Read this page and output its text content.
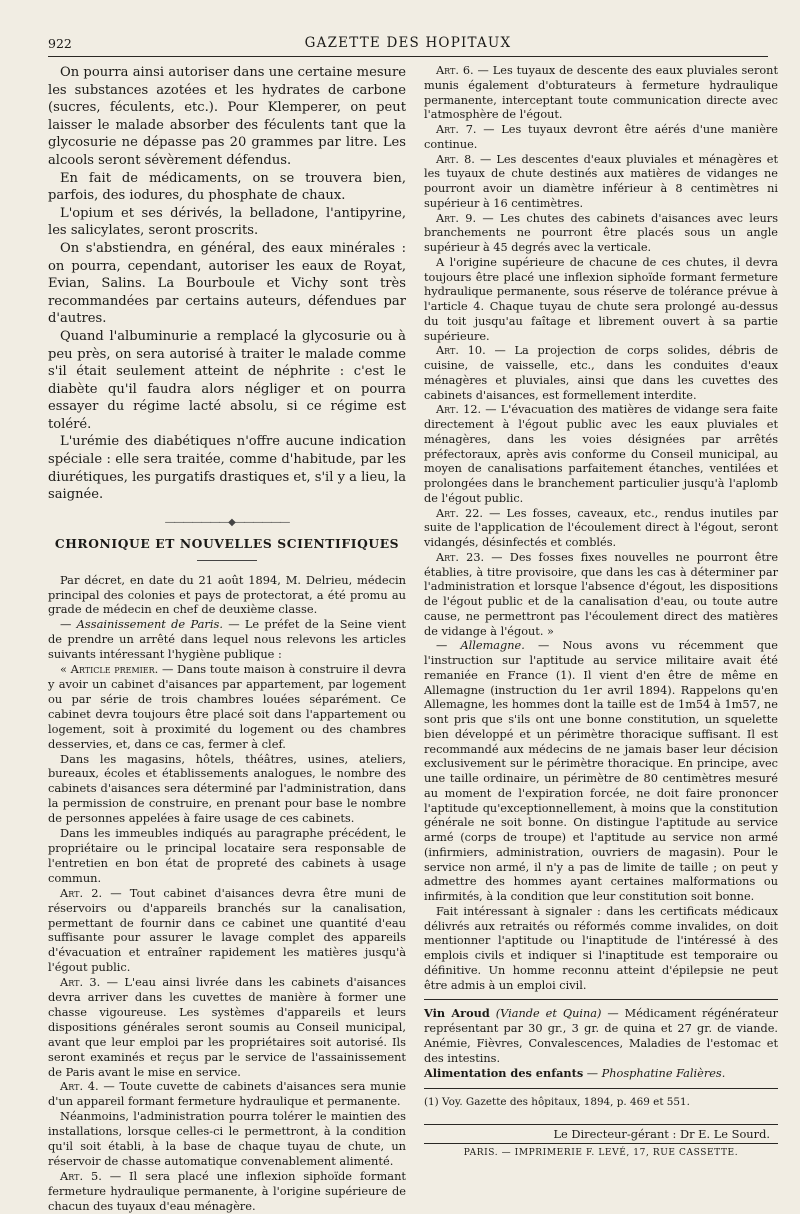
922	GAZETTE DES HOPITAUX

On pourra ainsi autoriser dans une certaine mesure les substances azotées et les hydrates de carbone (sucres, féculents, etc.). Pour Klemperer, on peut laisser le malade absorber des féculents tant que la glycosurie ne dépasse pas 20 grammes par litre. Les alcools seront sévèrement défendus.

En fait de médicaments, on se trouvera bien, parfois, des iodures, du phosphate de chaux.

L'opium et ses dérivés, la belladone, l'antipyrine, les salicylates, seront proscrits.

On s'abstiendra, en général, des eaux minérales : on pourra, cependant, autoriser les eaux de Royat, Evian, Salins. La Bourboule et Vichy sont très recommandées par certains auteurs, défendues par d'autres.

Quand l'albuminurie a remplacé la glycosurie ou à peu près, on sera autorisé à traiter le malade comme s'il était seulement atteint de néphrite : c'est le diabète qu'il faudra alors négliger et on pourra essayer du régime lacté absolu, si ce régime est toléré.

L'urémie des diabétiques n'offre aucune indication spéciale : elle sera traitée, comme d'habitude, par les diurétiques, les purgatifs drastiques et, s'il y a lieu, la saignée.

―――――――◆――――――
CHRONIQUE ET NOUVELLES SCIENTIFIQUES

Par décret, en date du 21 août 1894, M. Delrieu, médecin principal des colonies et pays de protectorat, a été promu au grade de médecin en chef de deuxième classe.

— Assainissement de Paris. — Le préfet de la Seine vient de prendre un arrêté dans lequel nous relevons les articles suivants intéressant l'hygiène publique :

« Article premier. — Dans toute maison à construire il devra y avoir un cabinet d'aisances par appartement, par logement ou par série de trois chambres louées séparément. Ce cabinet devra toujours être placé soit dans l'appartement ou logement, soit à proximité du logement ou des chambres desservies, et, dans ce cas, fermer à clef.

Dans les magasins, hôtels, théâtres, usines, ateliers, bureaux, écoles et établissements analogues, le nombre des cabinets d'aisances sera déterminé par l'administration, dans la permission de construire, en prenant pour base le nombre de personnes appelées à faire usage de ces cabinets.

Dans les immeubles indiqués au paragraphe précédent, le propriétaire ou le principal locataire sera responsable de l'entretien en bon état de propreté des cabinets à usage commun.

Art. 2. — Tout cabinet d'aisances devra être muni de réservoirs ou d'appareils branchés sur la canalisation, permettant de fournir dans ce cabinet une quantité d'eau suffisante pour assurer le lavage complet des appareils d'évacuation et entraîner rapidement les matières jusqu'à l'égout public.

Art. 3. — L'eau ainsi livrée dans les cabinets d'aisances devra arriver dans les cuvettes de manière à former une chasse vigoureuse. Les systèmes d'appareils et leurs dispositions générales seront soumis au Conseil municipal, avant que leur emploi par les propriétaires soit autorisé. Ils seront examinés et reçus par le service de l'assainissement de Paris avant le mise en service.

Art. 4. — Toute cuvette de cabinets d'aisances sera munie d'un appareil formant fermeture hydraulique et permanente.

Néanmoins, l'administration pourra tolérer le maintien des installations, lorsque celles-ci le permettront, à la condition qu'il soit établi, à la base de chaque tuyau de chute, un réservoir de chasse automatique convenablement alimenté.

Art. 5. — Il sera placé une inflexion siphoïde formant fermeture hydraulique permanente, à l'origine supérieure de chacun des tuyaux d'eau ménagère.

Art. 6. — Les tuyaux de descente des eaux pluviales seront munis également d'obturateurs à fermeture hydraulique permanente, interceptant toute communication directe avec l'atmosphère de l'égout.

Art. 7. — Les tuyaux devront être aérés d'une manière continue.

Art. 8. — Les descentes d'eaux pluviales et ménagères et les tuyaux de chute destinés aux matières de vidanges ne pourront avoir un diamètre inférieur à 8 centimètres ni supérieur à 16 centimètres.

Art. 9. — Les chutes des cabinets d'aisances avec leurs branchements ne pourront être placés sous un angle supérieur à 45 degrés avec la verticale.

A l'origine supérieure de chacune de ces chutes, il devra toujours être placé une inflexion siphoïde formant fermeture hydraulique permanente, sous réserve de tolérance prévue à l'article 4. Chaque tuyau de chute sera prolongé au-dessus du toit jusqu'au faîtage et librement ouvert à sa partie supérieure.

Art. 10. — La projection de corps solides, débris de cuisine, de vaisselle, etc., dans les conduites d'eaux ménagères et pluviales, ainsi que dans les cuvettes des cabinets d'aisances, est formellement interdite.

Art. 12. — L'évacuation des matières de vidange sera faite directement à l'égout public avec les eaux pluviales et ménagères, dans les voies désignées par arrêtés préfectoraux, après avis conforme du Conseil municipal, au moyen de canalisations parfaitement étanches, ventilées et prolongées dans le branchement particulier jusqu'à l'aplomb de l'égout public.

Art. 22. — Les fosses, caveaux, etc., rendus inutiles par suite de l'application de l'écoulement direct à l'égout, seront vidangés, désinfectés et comblés.

Art. 23. — Des fosses fixes nouvelles ne pourront être établies, à titre provisoire, que dans les cas à déterminer par l'administration et lorsque l'absence d'égout, les dispositions de l'égout public et de la canalisation d'eau, ou toute autre cause, ne permettront pas l'écoulement direct des matières de vidange à l'égout. »

— Allemagne. — Nous avons vu récemment que l'instruction sur l'aptitude au service militaire avait été remaniée en France (1). Il vient d'en être de même en Allemagne (instruction du 1er avril 1894). Rappelons qu'en Allemagne, les hommes dont la taille est de 1m54 à 1m57, ne sont pris que s'ils ont une bonne constitution, un squelette bien développé et un périmètre thoracique suffisant. Il est recommandé aux médecins de ne jamais baser leur décision exclusivement sur le périmètre thoracique. En principe, avec une taille ordinaire, un périmètre de 80 centimètres mesuré au moment de l'expiration forcée, ne doit faire prononcer l'aptitude qu'exceptionnellement, à moins que la constitution générale ne soit bonne. On distingue l'aptitude au service armé (corps de troupe) et l'aptitude au service non armé (infirmiers, administration, ouvriers de magasin). Pour le service non armé, il n'y a pas de limite de taille ; on peut y admettre des hommes ayant certaines malformations ou infirmités, à la condition que leur constitution soit bonne.

Fait intéressant à signaler : dans les certificats médicaux délivrés aux retraités ou réformés comme invalides, on doit mentionner l'aptitude ou l'inaptitude de l'intéressé à des emplois civils et indiquer si l'inaptitude est temporaire ou définitive. Un homme reconnu atteint d'épilepsie ne peut être admis à un emploi civil.

Vin Aroud (Viande et Quina) — Médicament régénérateur représentant par 30 gr., 3 gr. de quina et 27 gr. de viande. Anémie, Fièvres, Convalescences, Maladies de l'estomac et des intestins.

Alimentation des enfants — Phosphatine Falières.

(1) Voy. Gazette des hôpitaux, 1894, p. 469 et 551.

Le Directeur-gérant : Dr E. Le Sourd.
PARIS. — IMPRIMERIE F. LEVÉ, 17, RUE CASSETTE.
